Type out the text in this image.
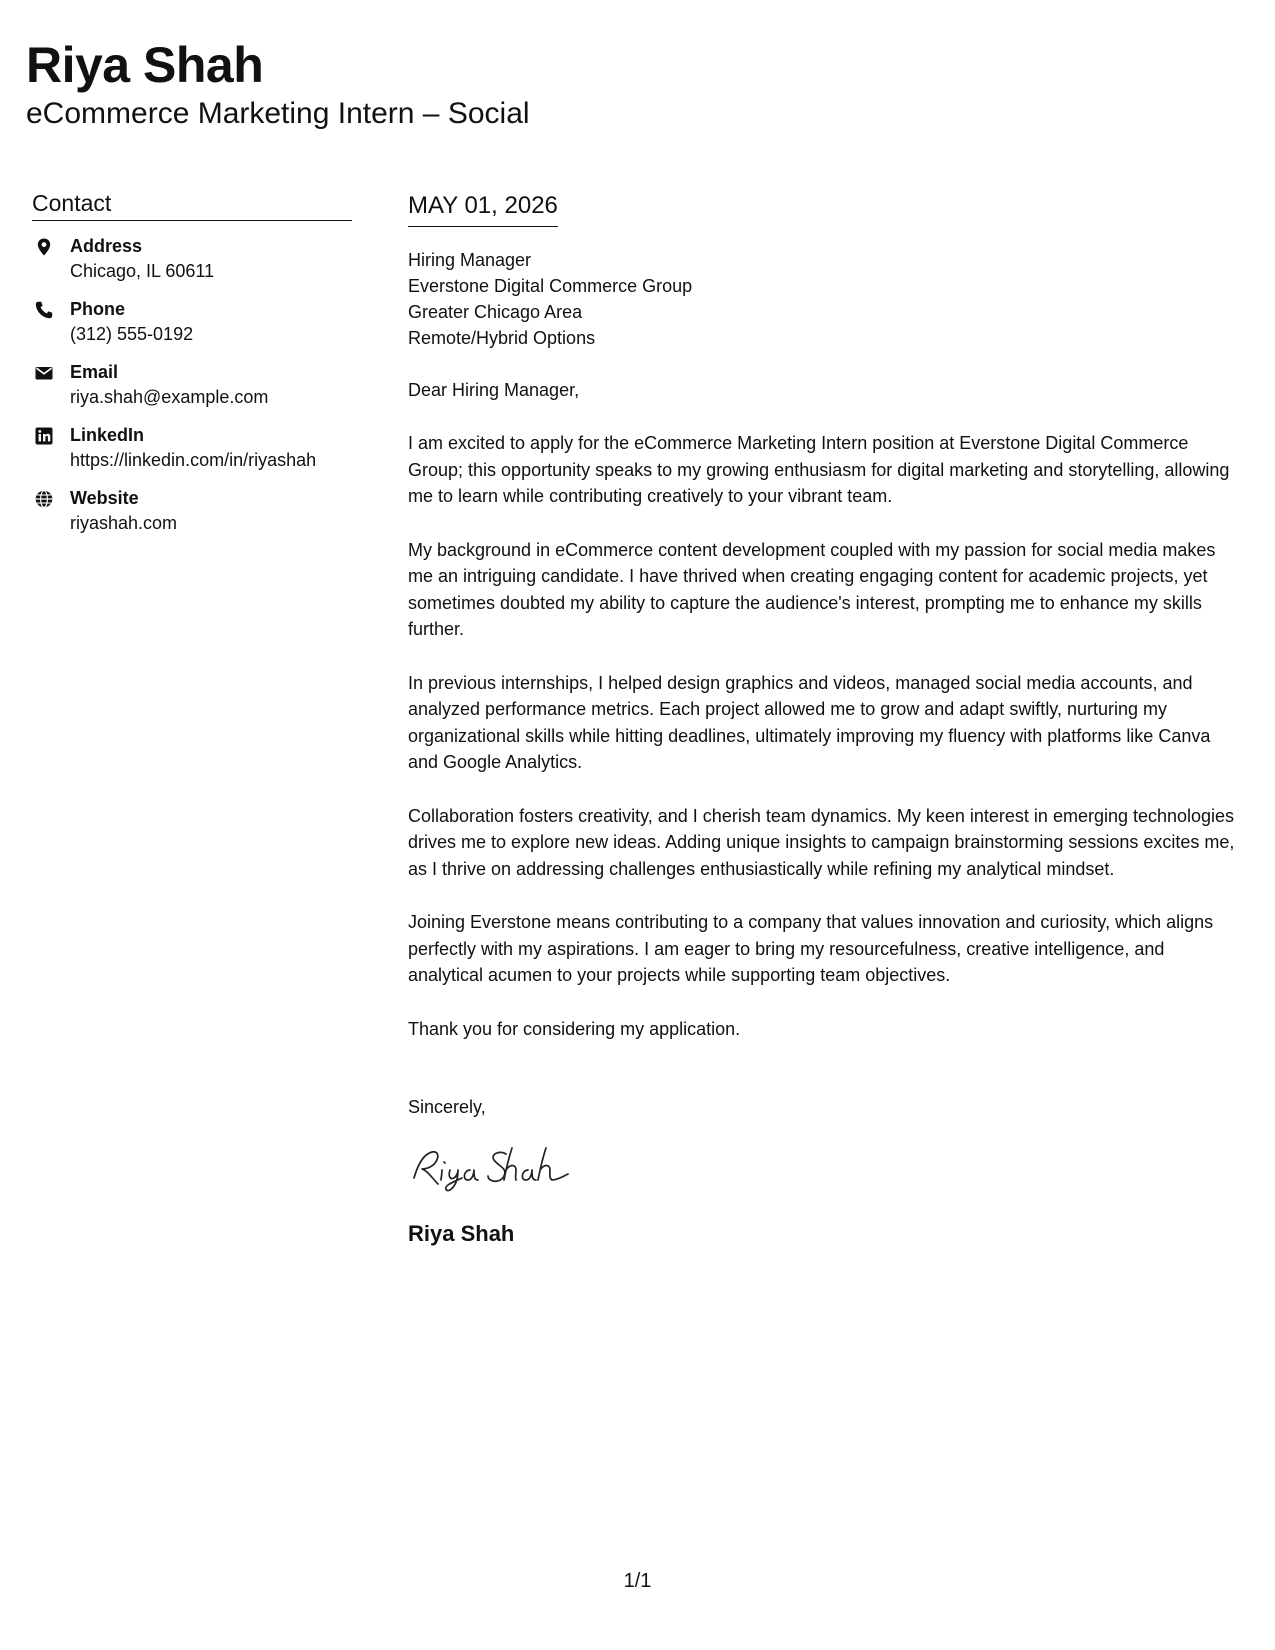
Riya Shah
eCommerce Marketing Intern – Social
Contact
Address
Chicago, IL 60611
Phone
(312) 555-0192
Email
riya.shah@example.com
LinkedIn
https://linkedin.com/in/riyashah
Website
riyashah.com
MAY 01, 2026
Hiring Manager
Everstone Digital Commerce Group
Greater Chicago Area
Remote/Hybrid Options
Dear Hiring Manager,
I am excited to apply for the eCommerce Marketing Intern position at Everstone Digital Commerce Group; this opportunity speaks to my growing enthusiasm for digital marketing and storytelling, allowing me to learn while contributing creatively to your vibrant team.
My background in eCommerce content development coupled with my passion for social media makes me an intriguing candidate. I have thrived when creating engaging content for academic projects, yet sometimes doubted my ability to capture the audience's interest, prompting me to enhance my skills further.
In previous internships, I helped design graphics and videos, managed social media accounts, and analyzed performance metrics. Each project allowed me to grow and adapt swiftly, nurturing my organizational skills while hitting deadlines, ultimately improving my fluency with platforms like Canva and Google Analytics.
Collaboration fosters creativity, and I cherish team dynamics. My keen interest in emerging technologies drives me to explore new ideas. Adding unique insights to campaign brainstorming sessions excites me, as I thrive on addressing challenges enthusiastically while refining my analytical mindset.
Joining Everstone means contributing to a company that values innovation and curiosity, which aligns perfectly with my aspirations. I am eager to bring my resourcefulness, creative intelligence, and analytical acumen to your projects while supporting team objectives.
Thank you for considering my application.
Sincerely,
Riya Shah
1/1
